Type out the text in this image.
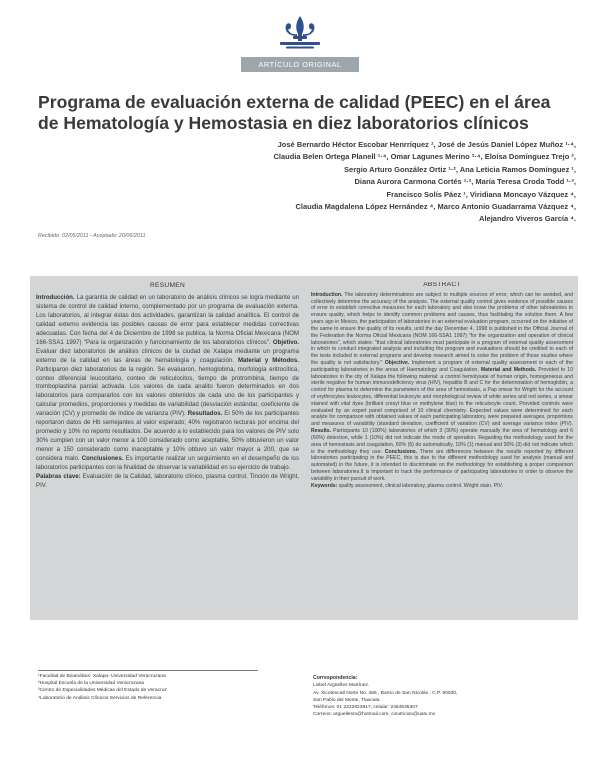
ARTÍCULO ORIGINAL
Programa de evaluación externa de calidad (PEEC) en el área
de Hematología y Hemostasia en diez laboratorios clínicos
José Bernardo Héctor Escobar Henrríquez ¹, José de Jesús Daniel López Muñoz ¹·⁴,
Claudia Belen Ortega Planell ¹·⁴, Omar Lagunes Merino ²·⁴, Eloísa Domínguez Trejo ²,
Sergio Arturo González Ortiz ¹·², Ana Leticia Ramos Domínguez ¹,
Diana Aurora Carmona Cortés ¹·², María Teresa Croda Todd ¹·³,
Francisco Solís Páez ¹, Viridiana Moncayo Vázquez ⁴,
Claudia Magdalena López Hernández ⁴, Marco Antonio Guadarrama Vázquez ⁴,
Alejandro Viveros García ⁴.
Recibido: 02/05/2011 - Aceptado: 20/06/2011
RESUMEN

Introducción. La garantía de calidad en un laboratorio de análisis clínicos se logra mediante un sistema de control de calidad interno, complementado por un programa de evaluación externa. Los laboratorios, al integrar éstas dos actividades, garantizan la calidad analítica. El control de calidad externo evidencia las posibles causas de error para establecer medidas correctivas adecuadas. Con fecha del 4 de Diciembre de 1998 se publica, la Norma Oficial Mexicana (NOM 166-SSA1 1997) "Para la organización y funcionamiento de los laboratorios clínicos". Objetivo. Evaluar diez laboratorios de análisis clínicos de la ciudad de Xalapa mediante un programa externo de la calidad en las áreas de hematología y coagulación. Material y Métodos. Participaron diez laboratorios de la región. Se evaluaron, hemoglobina, morfología eritrocítica, conteo diferencial leucocitario, conteo de reticulocitos, tiempo de protrombina, tiempo de tromboplastina parcial activada. Los valores de cada analito fueron determinados en dos laboratorios para compararlos con los valores obtenidos de cada uno de los participantes y calcular promedios, proporciones y medidas de variabilidad (desviación estándar, coeficiente de variación (CV) y promedio de índice de varianza (PIV). Resultados. El 50% de los participantes reportaron datos de Hb semejantes al valor esperado; 40% registraron lecturas por encima del promedio y 10% no reporto resultados. De acuerdo a lo establecido para los valores de PIV solo 30% cumplen con un valor menor a 100 considerado como aceptable, 50% obtuvieron un valor menor a 150 considerado como inaceptable y 10% obtuvo un valor mayor a 200, que se considera malo. Conclusiones. Es importante realizar un seguimiento en el desempeño de los laboratorios participantes con la finalidad de observar la variabilidad en su ejercicio de trabajo.

Palabras clave: Evaluación de la Calidad, laboratorio clínico, plasma control. Tinción de Wright, PIV.

ABSTRACT

Introduction. The laboratory determinations are subject to multiple sources of error, which can be avoided, and collectively determine the accuracy of the analysis. The external quality control gives evidence of possible causes of error to establish corrective measures for each laboratory and also know the problems of other laboratories to ensure quality, which helps to identify common problems and causes, thus facilitating the solution them. A few years ago in Mexico, the participation of laboratories in an external evaluation program, occurred on the initiative of the same to ensure the quality of its results, until the day December 4, 1998 is published in the Official Journal of the Federation the Norma Oficial Mexicana (NOM 166-SSA1 1997) "for the organization and operation of clinical laboratories", which states: "that clinical laboratories must participate in a program of external quality assessment in which to conduct integrated analysis and including the program and evaluations should be credited to each of the tests included in external programs and develop research aimed to solve the problem of those studies where the quality is not satisfactory." Objective. Implement a program of external quality assessment in each of the participating laboratories in the areas of Haematology and Coagulation. Material and Methods. Provided to 10 laboratories in the city of Xalapa the following material: a control hemolysate of human origin, homogeneous and sterile negative for human immunodeficiency virus (HIV), hepatitis B and C for the determination of hemoglobin, a control for plasma to determine the parameters of the area of hemostasis, a Pap smear for Wright for the account of erythrocytes leukocytes, differential leukocyte and morphological review of white series and red series, a smear stained with vital dyes (brilliant cresyl blue or methylene blue) to the reticulocyte count. Provided controls were evaluated by an expert panel comprised of 10 clinical chemistry. Expected values were determined for each analyte for comparison with obtained values of each participating laboratory, were prepared averages, proportions and measures of variability (standard deviation, coefficient of variation (CV) and average variance index (PIV). Results. Participants 10 (100%) laboratories of which 3 (30%) operate manually the area of hematology and 6 (60%) detection, while 1 (10%) did not indicate the mode of operation. Regarding the methodology used for the area of hemostasis and coagulation, 60% (6) do automatically, 10% (1) manual and 30% (3) did not indicate which is the methodology they use. Conclusions. There are differences between the results reported by different laboratories participating in the PEEC, this is due to the different methodology used for analysis (manual and automated) in the future, it is intended to discriminate on the methodology for establishing a proper comparison between laboratories.It is important to track the performance of participating laboratories in order to observe the variability in their pursuit of work.

Keywords: quality assessment, clinical laboratory, plasma control. Wright stain. PIV.

¹Facultad de Bioanálisis- Xalapa- Universidad Veracruzana
²Hospital Escuela de la Universidad Veracruzana
³Centro de Especialidades Médicas del Estado de Veracruz
⁴Laboratorio de Análisis Clínicos Servicios de Referencia
Correspondencia:
Lisbet Argüelles Martínez.
Av. Xicotencatl Norte No. 466 , Barrio de San Nicolás , C.P. 90030,
San Pablo del Monte, Tlaxcala.
Teléfonos: 01 2222823917, celular: 2464635307.
Correos: arguellesm@hotmail.com, cinutricion@uatx.mx
